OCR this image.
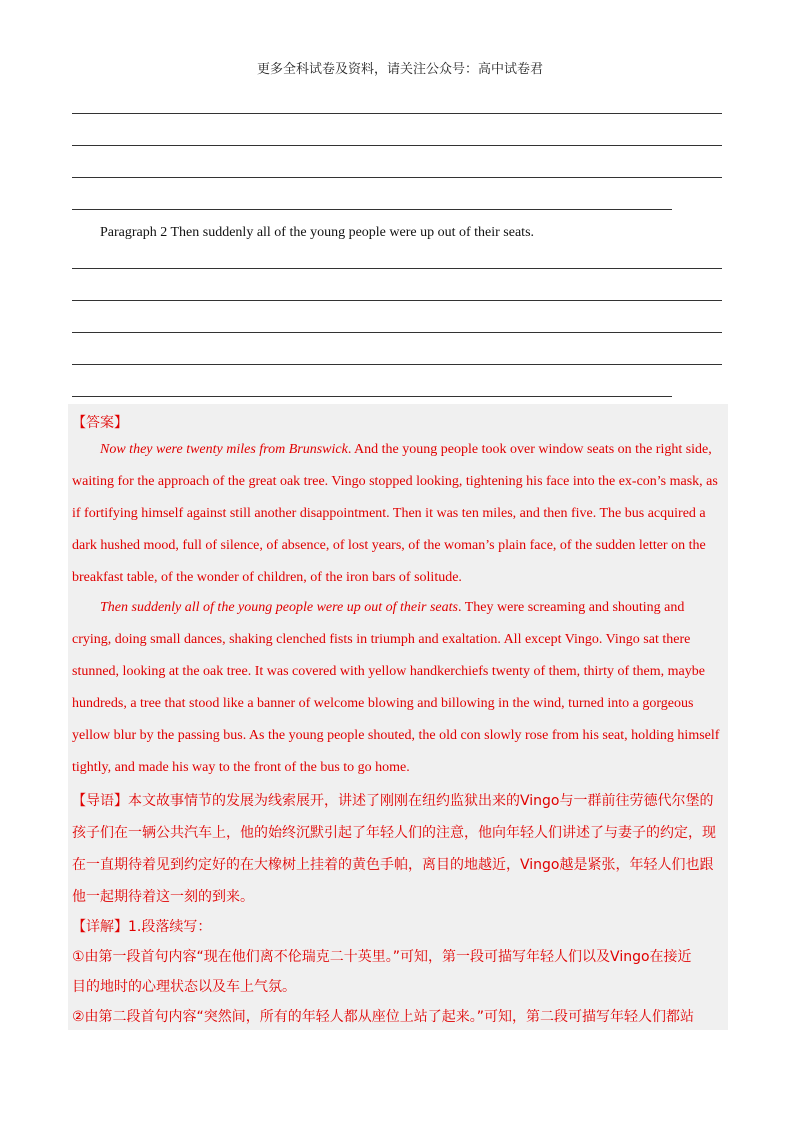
更多全科试卷及资料，请关注公众号：高中试卷君
Paragraph 2 Then suddenly all of the young people were up out of their seats.
【答案】
Now they were twenty miles from Brunswick. And the young people took over window seats on the right side,
waiting for the approach of the great oak tree. Vingo stopped looking, tightening his face into the ex-con’s mask, as
if fortifying himself against still another disappointment. Then it was ten miles, and then five. The bus acquired a
dark hushed mood, full of silence, of absence, of lost years, of the woman’s plain face, of the sudden letter on the
breakfast table, of the wonder of children, of the iron bars of solitude.
Then suddenly all of the young people were up out of their seats. They were screaming and shouting and
crying, doing small dances, shaking clenched fists in triumph and exaltation. All except Vingo. Vingo sat there
stunned, looking at the oak tree. It was covered with yellow handkerchiefs twenty of them, thirty of them, maybe
hundreds, a tree that stood like a banner of welcome blowing and billowing in the wind, turned into a gorgeous
yellow blur by the passing bus. As the young people shouted, the old con slowly rose from his seat, holding himself
tightly, and made his way to the front of the bus to go home.
【导语】本文故事情节的发展为线索展开，讲述了刚刚在纽约监狱出来的Vingo与一群前往劳德代尔堡的
孩子们在一辆公共汽车上，他的始终沉默引起了年轻人们的注意，他向年轻人们讲述了与妻子的约定，现
在一直期待着见到约定好的在大橡树上挂着的黄色手帕，离目的地越近，Vingo越是紧张，年轻人们也跟
他一起期待着这一刻的到来。
【详解】1.段落续写：
①由第一段首句内容“现在他们离不伦瑞克二十英里。”可知，第一段可描写年轻人们以及Vingo在接近
目的地时的心理状态以及车上气氛。
②由第二段首句内容“突然间，所有的年轻人都从座位上站了起来。”可知，第二段可描写年轻人们都站
